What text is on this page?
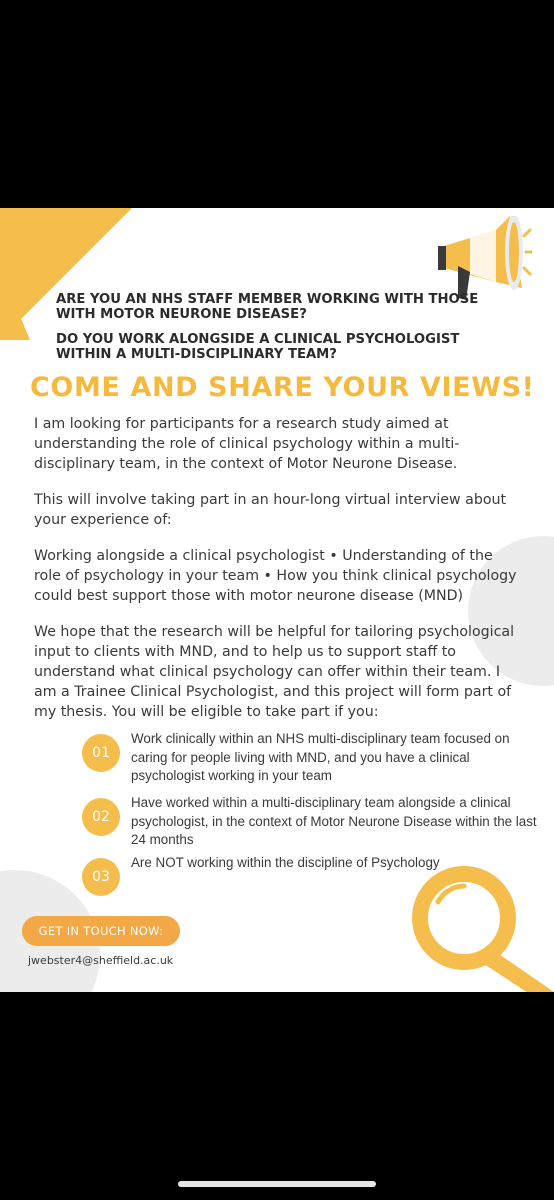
ARE YOU AN NHS STAFF MEMBER WORKING WITH THOSE WITH MOTOR NEURONE DISEASE?

DO YOU WORK ALONGSIDE A CLINICAL PSYCHOLOGIST WITHIN A MULTI-DISCIPLINARY TEAM?

COME AND SHARE YOUR VIEWS!

I am looking for participants for a research study aimed at understanding the role of clinical psychology within a multi-disciplinary team, in the context of Motor Neurone Disease.

This will involve taking part in an hour-long virtual interview about your experience of:

Working alongside a clinical psychologist • Understanding of the role of psychology in your team • How you think clinical psychology could best support those with motor neurone disease (MND)

We hope that the research will be helpful for tailoring psychological input to clients with MND, and to help us to support staff to understand what clinical psychology can offer within their team. I am a Trainee Clinical Psychologist, and this project will form part of my thesis. You will be eligible to take part if you:

01

Work clinically within an NHS multi-disciplinary team focused on caring for people living with MND, and you have a clinical psychologist working in your team

02

Have worked within a multi-disciplinary team alongside a clinical psychologist, in the context of Motor Neurone Disease within the last 24 months

03

Are NOT working within the discipline of Psychology

GET IN TOUCH NOW:

jwebster4@sheffield.ac.uk
